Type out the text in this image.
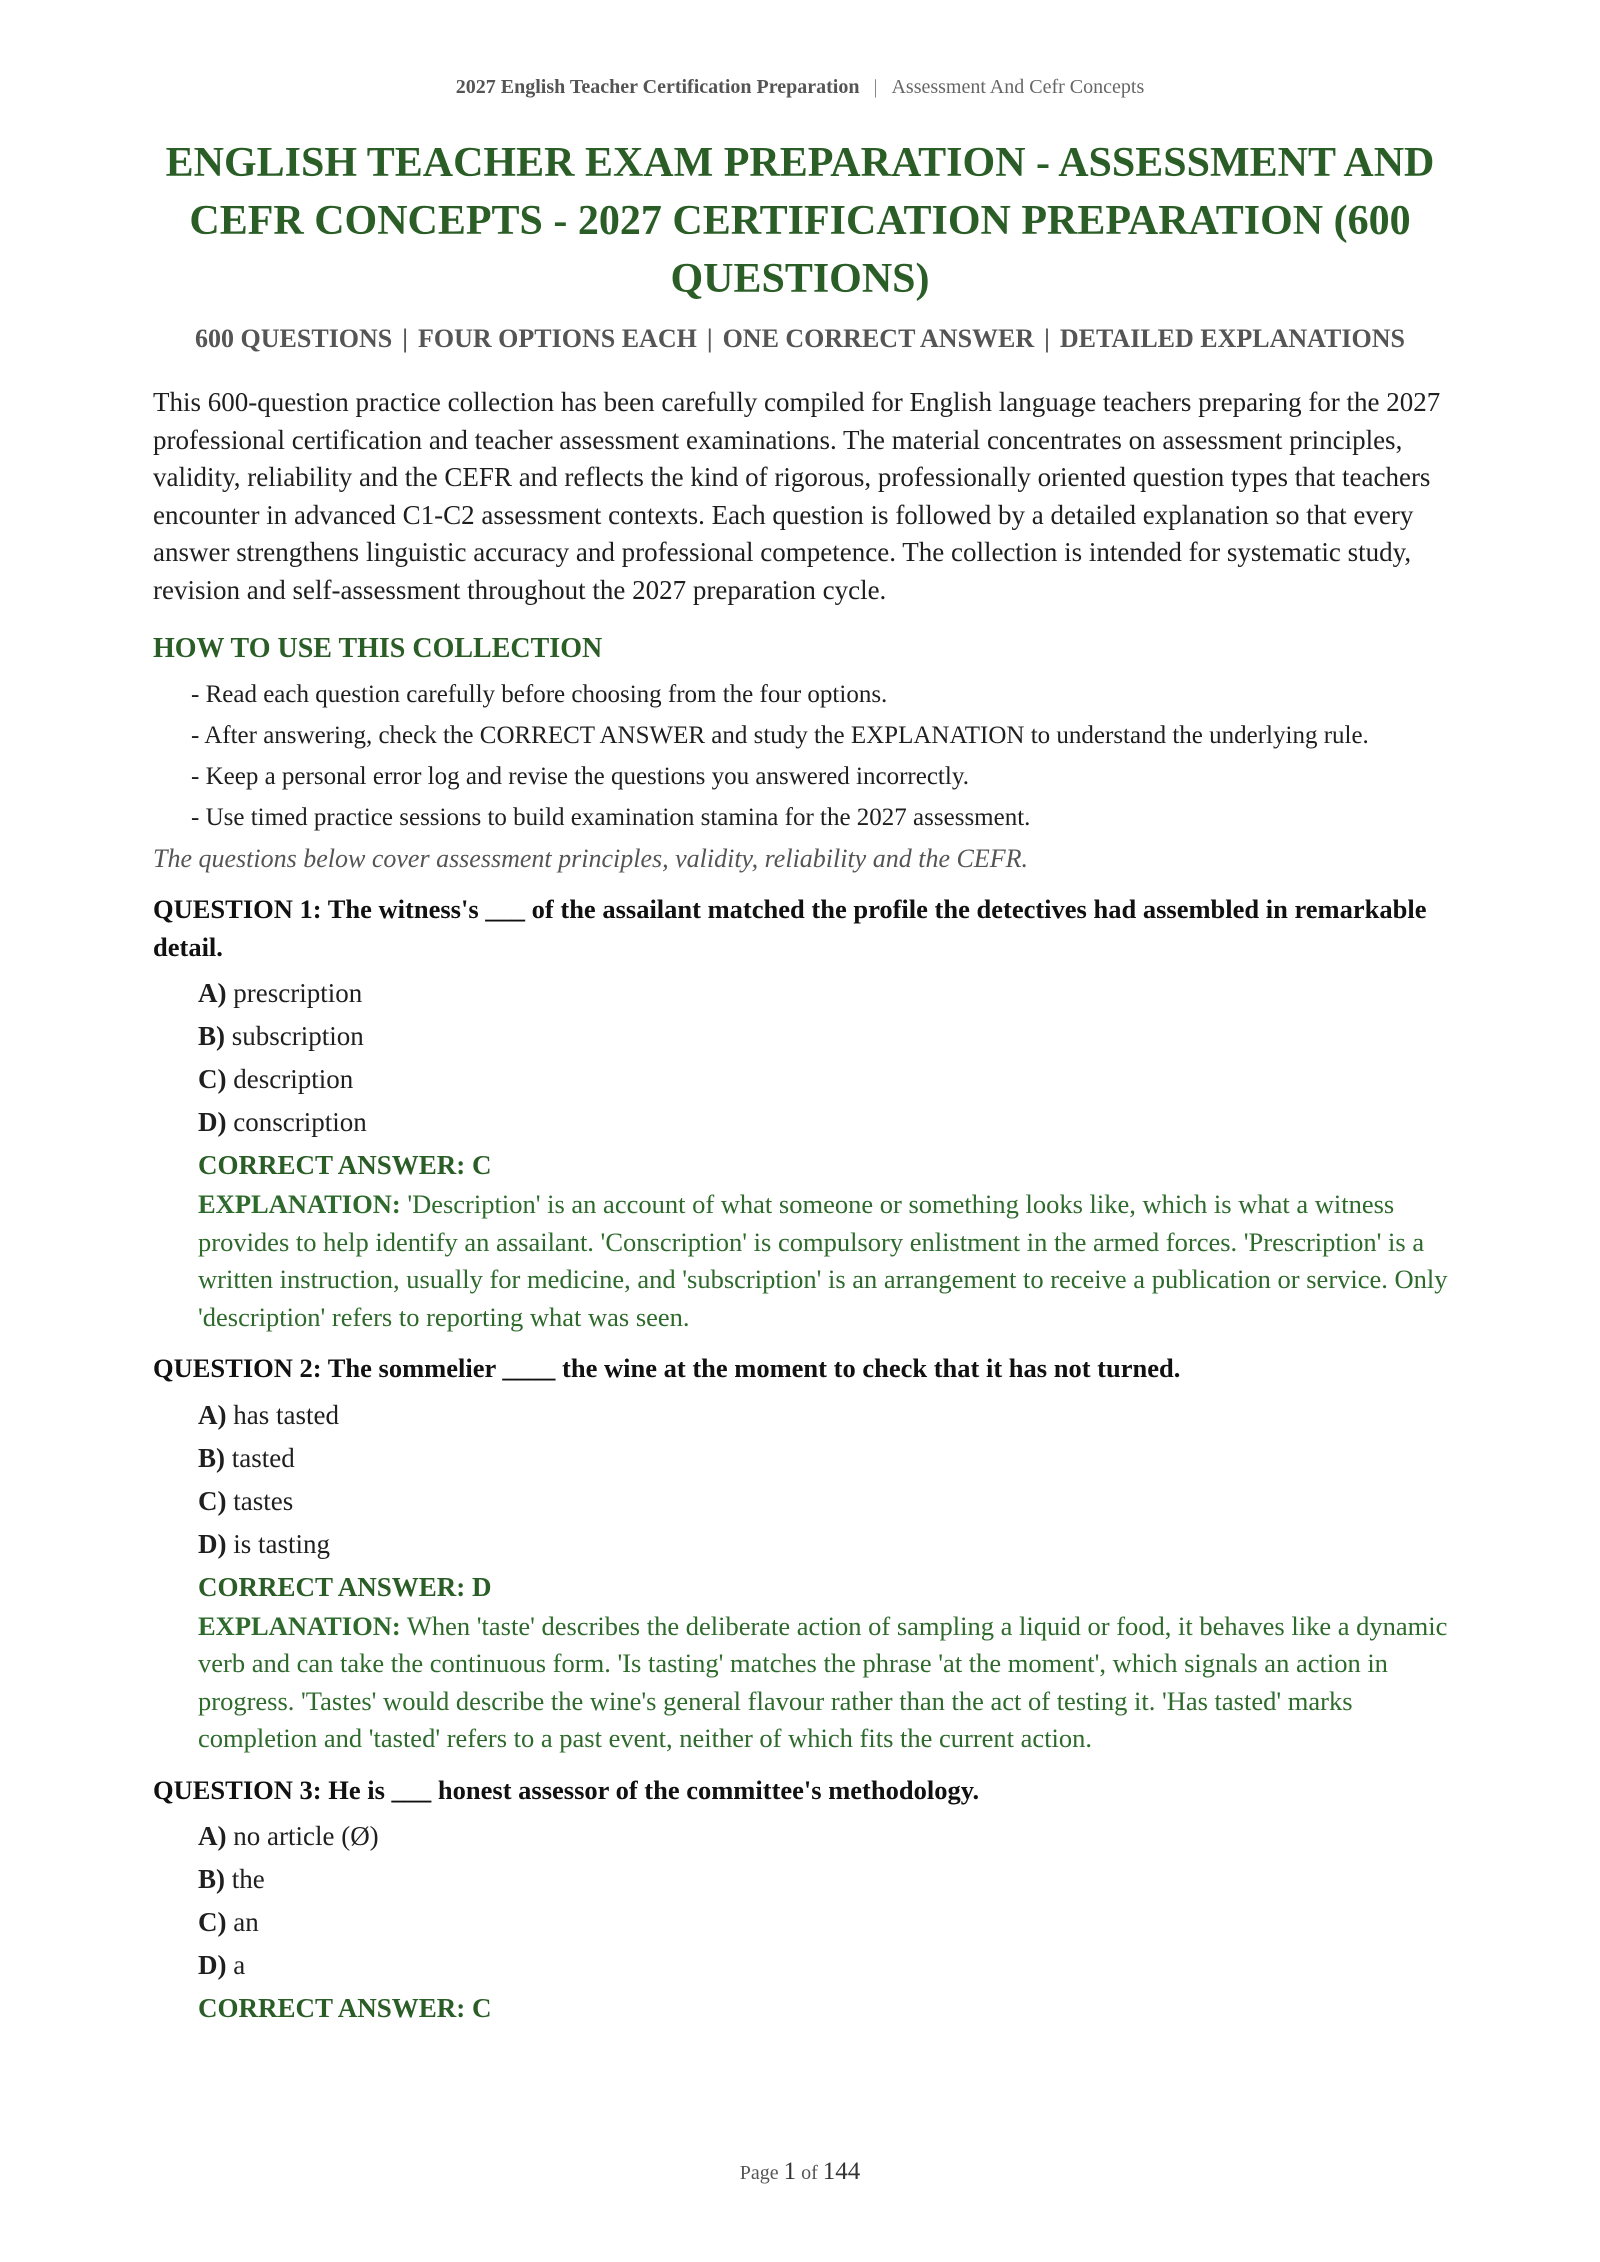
2027 English Teacher Certification Preparation | Assessment And Cefr Concepts
ENGLISH TEACHER EXAM PREPARATION - ASSESSMENT AND CEFR CONCEPTS - 2027 CERTIFICATION PREPARATION (600 QUESTIONS)
600 QUESTIONS | FOUR OPTIONS EACH | ONE CORRECT ANSWER | DETAILED EXPLANATIONS

This 600-question practice collection has been carefully compiled for English language teachers preparing for the 2027 professional certification and teacher assessment examinations. The material concentrates on assessment principles, validity, reliability and the CEFR and reflects the kind of rigorous, professionally oriented question types that teachers encounter in advanced C1-C2 assessment contexts. Each question is followed by a detailed explanation so that every answer strengthens linguistic accuracy and professional competence. The collection is intended for systematic study, revision and self-assessment throughout the 2027 preparation cycle.

HOW TO USE THIS COLLECTION
- Read each question carefully before choosing from the four options.
- After answering, check the CORRECT ANSWER and study the EXPLANATION to understand the underlying rule.
- Keep a personal error log and revise the questions you answered incorrectly.
- Use timed practice sessions to build examination stamina for the 2027 assessment.
The questions below cover assessment principles, validity, reliability and the CEFR.

QUESTION 1: The witness's ___ of the assailant matched the profile the detectives had assembled in remarkable detail.

A) prescription
B) subscription
C) description
D) conscription
CORRECT ANSWER: C
EXPLANATION: 'Description' is an account of what someone or something looks like, which is what a witness provides to help identify an assailant. 'Conscription' is compulsory enlistment in the armed forces. 'Prescription' is a written instruction, usually for medicine, and 'subscription' is an arrangement to receive a publication or service. Only 'description' refers to reporting what was seen.

QUESTION 2: The sommelier ____ the wine at the moment to check that it has not turned.

A) has tasted
B) tasted
C) tastes
D) is tasting
CORRECT ANSWER: D
EXPLANATION: When 'taste' describes the deliberate action of sampling a liquid or food, it behaves like a dynamic verb and can take the continuous form. 'Is tasting' matches the phrase 'at the moment', which signals an action in progress. 'Tastes' would describe the wine's general flavour rather than the act of testing it. 'Has tasted' marks completion and 'tasted' refers to a past event, neither of which fits the current action.

QUESTION 3: He is ___ honest assessor of the committee's methodology.

A) no article (Ø)
B) the
C) an
D) a
CORRECT ANSWER: C
Page 1 of 144
